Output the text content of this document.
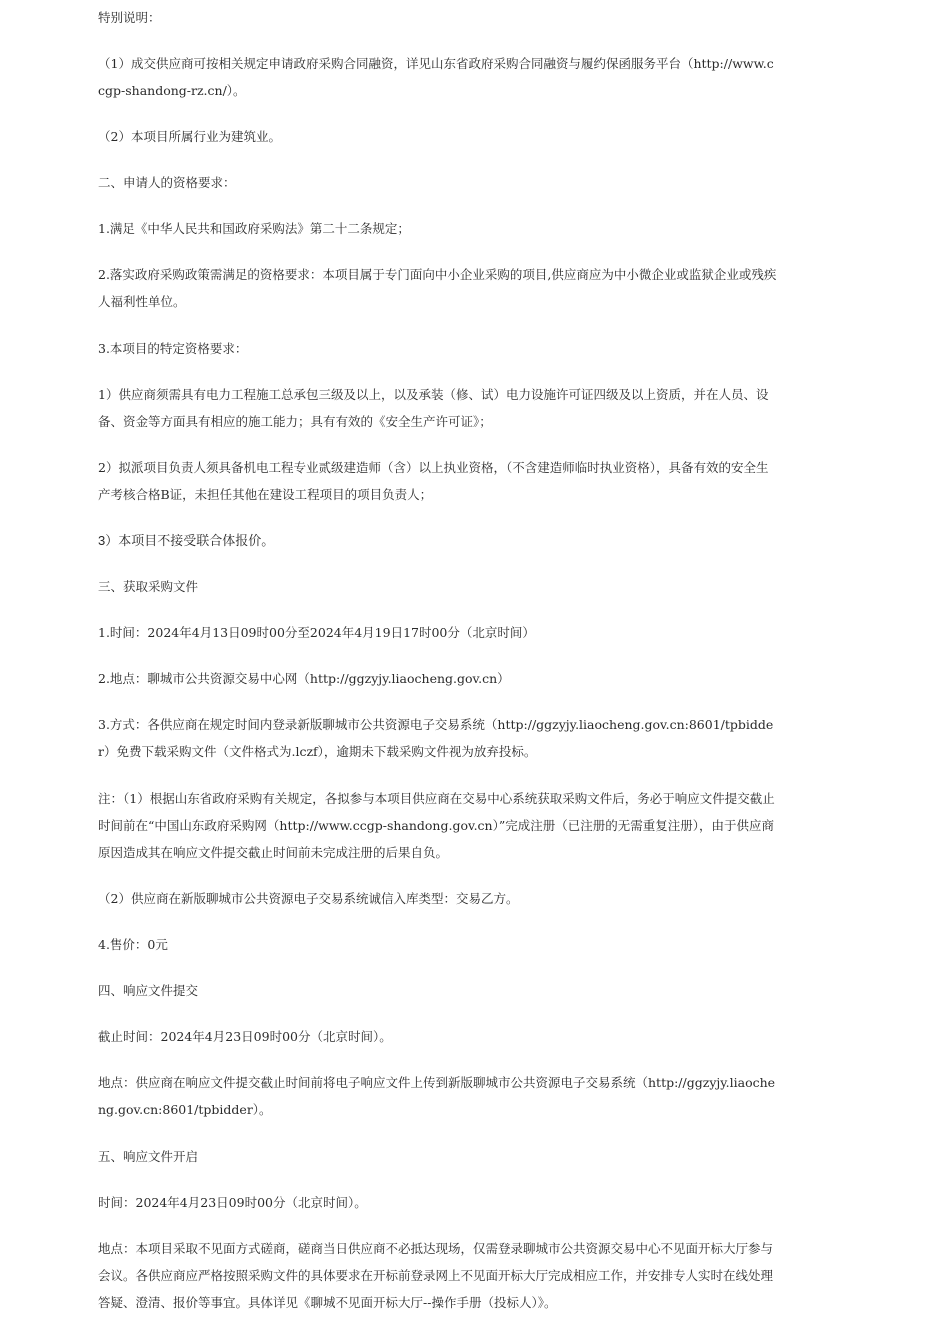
特别说明：

（1）成交供应商可按相关规定申请政府采购合同融资，详见山东省政府采购合同融资与履约保函服务平台（http://www.ccgp-shandong-rz.cn/）。

（2）本项目所属行业为建筑业。

二、申请人的资格要求：

1.满足《中华人民共和国政府采购法》第二十二条规定；

2.落实政府采购政策需满足的资格要求：本项目属于专门面向中小企业采购的项目,供应商应为中小微企业或监狱企业或残疾人福利性单位。

3.本项目的特定资格要求：

1）供应商须需具有电力工程施工总承包三级及以上，以及承装（修、试）电力设施许可证四级及以上资质，并在人员、设备、资金等方面具有相应的施工能力；具有有效的《安全生产许可证》；

2）拟派项目负责人须具备机电工程专业贰级建造师（含）以上执业资格，（不含建造师临时执业资格），具备有效的安全生产考核合格B证，未担任其他在建设工程项目的项目负责人；

3）本项目不接受联合体报价。

三、获取采购文件

1.时间：2024年4月13日09时00分至2024年4月19日17时00分（北京时间）

2.地点：聊城市公共资源交易中心网（http://ggzyjy.liaocheng.gov.cn）

3.方式：各供应商在规定时间内登录新版聊城市公共资源电子交易系统（http://ggzyjy.liaocheng.gov.cn:8601/tpbidder）免费下载采购文件（文件格式为.lczf），逾期未下载采购文件视为放弃投标。

注：（1）根据山东省政府采购有关规定，各拟参与本项目供应商在交易中心系统获取采购文件后，务必于响应文件提交截止时间前在“中国山东政府采购网（http://www.ccgp-shandong.gov.cn）”完成注册（已注册的无需重复注册），由于供应商原因造成其在响应文件提交截止时间前未完成注册的后果自负。

（2）供应商在新版聊城市公共资源电子交易系统诚信入库类型：交易乙方。

4.售价：0元

四、响应文件提交

截止时间：2024年4月23日09时00分（北京时间）。

地点：供应商在响应文件提交截止时间前将电子响应文件上传到新版聊城市公共资源电子交易系统（http://ggzyjy.liaocheng.gov.cn:8601/tpbidder）。

五、响应文件开启

时间：2024年4月23日09时00分（北京时间）。

地点：本项目采取不见面方式磋商，磋商当日供应商不必抵达现场，仅需登录聊城市公共资源交易中心不见面开标大厅参与会议。各供应商应严格按照采购文件的具体要求在开标前登录网上不见面开标大厅完成相应工作，并安排专人实时在线处理答疑、澄清、报价等事宜。具体详见《聊城不见面开标大厅--操作手册（投标人）》。
